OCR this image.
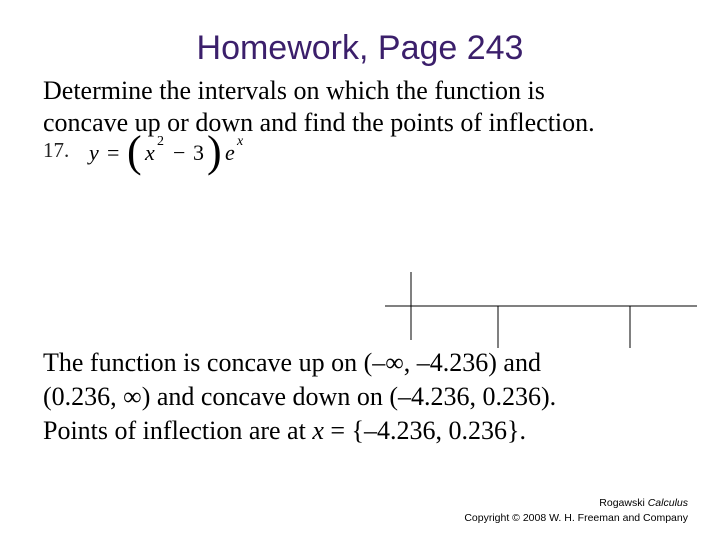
Homework, Page 243
Determine the intervals on which the function is
concave up or down and find the points of inflection.
17. y = ( x 2 − 3 ) e x
The function is concave up on (–∞, –4.236) and
(0.236, ∞) and concave down on (–4.236, 0.236).
Points of inflection are at x = {–4.236, 0.236}.
Rogawski Calculus
Copyright © 2008 W. H. Freeman and Company
